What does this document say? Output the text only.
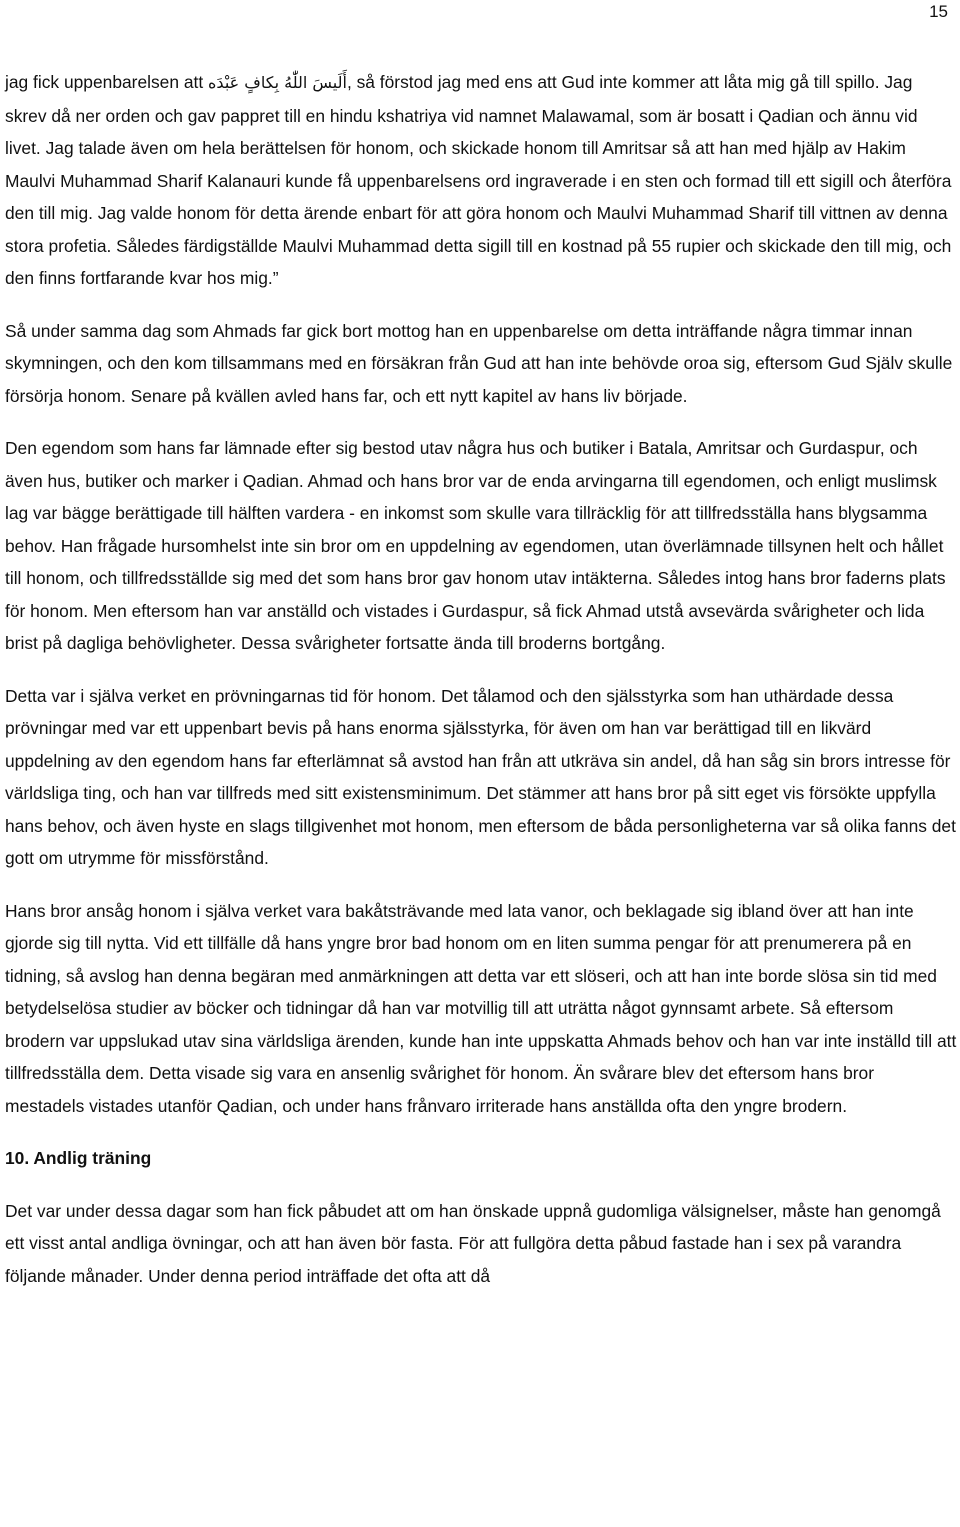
15

jag fick uppenbarelsen att أَلَيسَ اللّٰهُ بِكافٍ عَبْدَه, så förstod jag med ens att Gud inte kommer att låta mig gå till spillo. Jag skrev då ner orden och gav pappret till en hindu kshatriya vid namnet Malawamal, som är bosatt i Qadian och ännu vid livet. Jag talade även om hela berättelsen för honom, och skickade honom till Amritsar så att han med hjälp av Hakim Maulvi Muhammad Sharif Kalanauri kunde få uppenbarelsens ord ingraverade i en sten och formad till ett sigill och återföra den till mig. Jag valde honom för detta ärende enbart för att göra honom och Maulvi Muhammad Sharif till vittnen av denna stora profetia. Således färdigställde Maulvi Muhammad detta sigill till en kostnad på 55 rupier och skickade den till mig, och den finns fortfarande kvar hos mig.”

Så under samma dag som Ahmads far gick bort mottog han en uppenbarelse om detta inträffande några timmar innan skymningen, och den kom tillsammans med en försäkran från Gud att han inte behövde oroa sig, eftersom Gud Själv skulle försörja honom. Senare på kvällen avled hans far, och ett nytt kapitel av hans liv började.

Den egendom som hans far lämnade efter sig bestod utav några hus och butiker i Batala, Amritsar och Gurdaspur, och även hus, butiker och marker i Qadian. Ahmad och hans bror var de enda arvingarna till egendomen, och enligt muslimsk lag var bägge berättigade till hälften vardera - en inkomst som skulle vara tillräcklig för att tillfredsställa hans blygsamma behov. Han frågade hursomhelst inte sin bror om en uppdelning av egendomen, utan överlämnade tillsynen helt och hållet till honom, och tillfredsställde sig med det som hans bror gav honom utav intäkterna. Således intog hans bror faderns plats för honom. Men eftersom han var anställd och vistades i Gurdaspur, så fick Ahmad utstå avsevärda svårigheter och lida brist på dagliga behövligheter. Dessa svårigheter fortsatte ända till broderns bortgång.

Detta var i själva verket en prövningarnas tid för honom. Det tålamod och den själsstyrka som han uthärdade dessa prövningar med var ett uppenbart bevis på hans enorma själsstyrka, för även om han var berättigad till en likvärd uppdelning av den egendom hans far efterlämnat så avstod han från att utkräva sin andel, då han såg sin brors intresse för världsliga ting, och han var tillfreds med sitt existensminimum. Det stämmer att hans bror på sitt eget vis försökte uppfylla hans behov, och även hyste en slags tillgivenhet mot honom, men eftersom de båda personligheterna var så olika fanns det gott om utrymme för missförstånd.

Hans bror ansåg honom i själva verket vara bakåtsträvande med lata vanor, och beklagade sig ibland över att han inte gjorde sig till nytta. Vid ett tillfälle då hans yngre bror bad honom om en liten summa pengar för att prenumerera på en tidning, så avslog han denna begäran med anmärkningen att detta var ett slöseri, och att han inte borde slösa sin tid med betydelselösa studier av böcker och tidningar då han var motvillig till att uträtta något gynnsamt arbete. Så eftersom brodern var uppslukad utav sina världsliga ärenden, kunde han inte uppskatta Ahmads behov och han var inte inställd till att tillfredsställa dem. Detta visade sig vara en ansenlig svårighet för honom. Än svårare blev det eftersom hans bror mestadels vistades utanför Qadian, och under hans frånvaro irriterade hans anställda ofta den yngre brodern.

10. Andlig träning

Det var under dessa dagar som han fick påbudet att om han önskade uppnå gudomliga välsignelser, måste han genomgå ett visst antal andliga övningar, och att han även bör fasta. För att fullgöra detta påbud fastade han i sex på varandra följande månader. Under denna period inträffade det ofta att då
